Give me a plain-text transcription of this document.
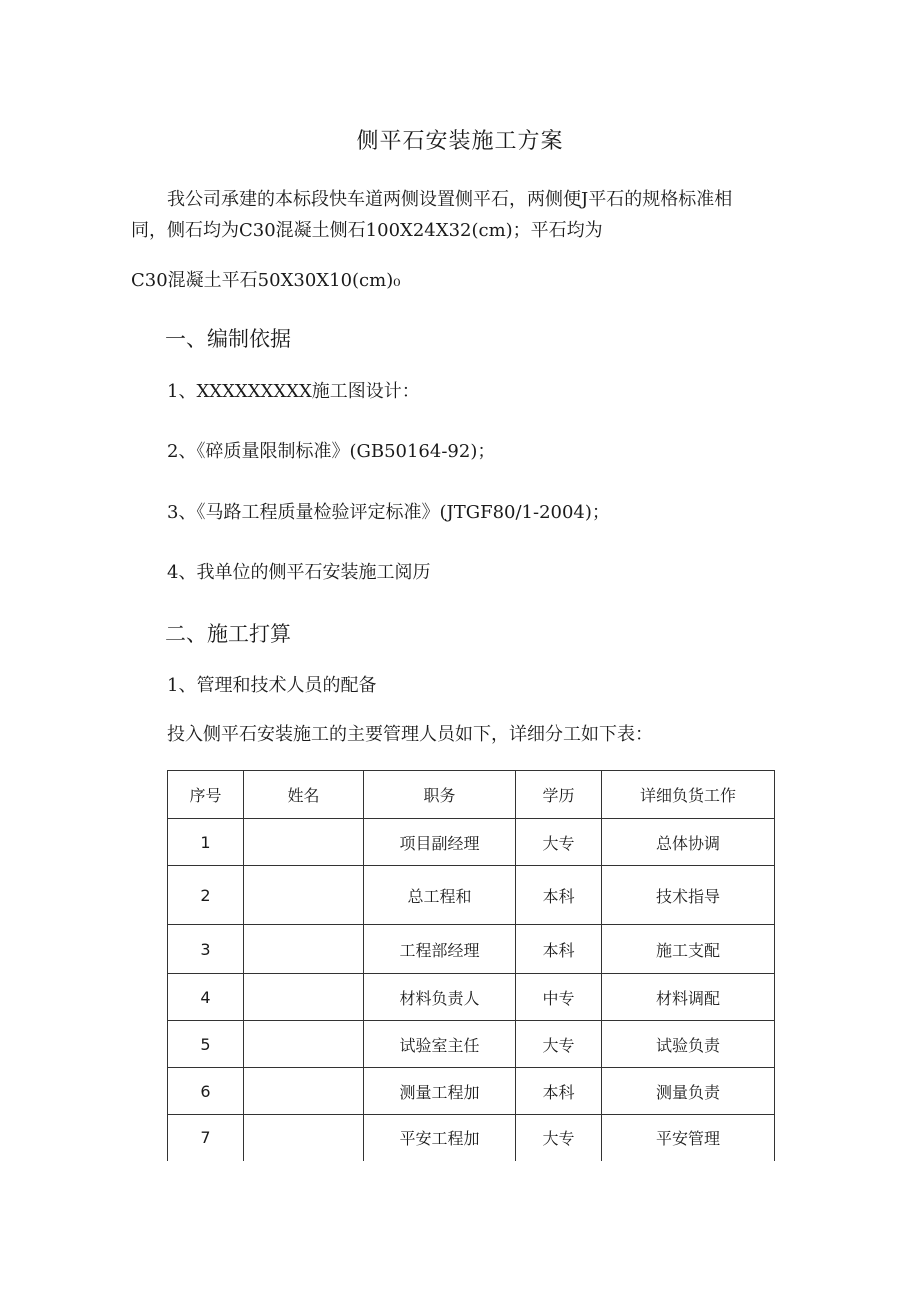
侧平石安装施工方案
我公司承建的本标段快车道两侧设置侧平石，两侧便J平石的规格标准相
同，侧石均为C30混凝土侧石100X24X32(cm)；平石均为
C30混凝土平石50X30X10(cm)₀
一、编制依据
1、XXXXXXXXX施工图设计：
2、《碎质量限制标准》(GB50164-92)；
3、《马路工程质量检验评定标准》(JTGF80/1-2004)；
4、我单位的侧平石安装施工阅历
二、施工打算
1、管理和技术人员的配备
投入侧平石安装施工的主要管理人员如下，详细分工如下表：
序号	姓名	职务	学历	详细负货工作
1		项目副经理	大专	总体协调
2		总工程和	本科	技术指导
3		工程部经理	本科	施工支配
4		材料负责人	中专	材料调配
5		试验室主任	大专	试验负责
6		测量工程加	本科	测量负责
7		平安工程加	大专	平安管理
